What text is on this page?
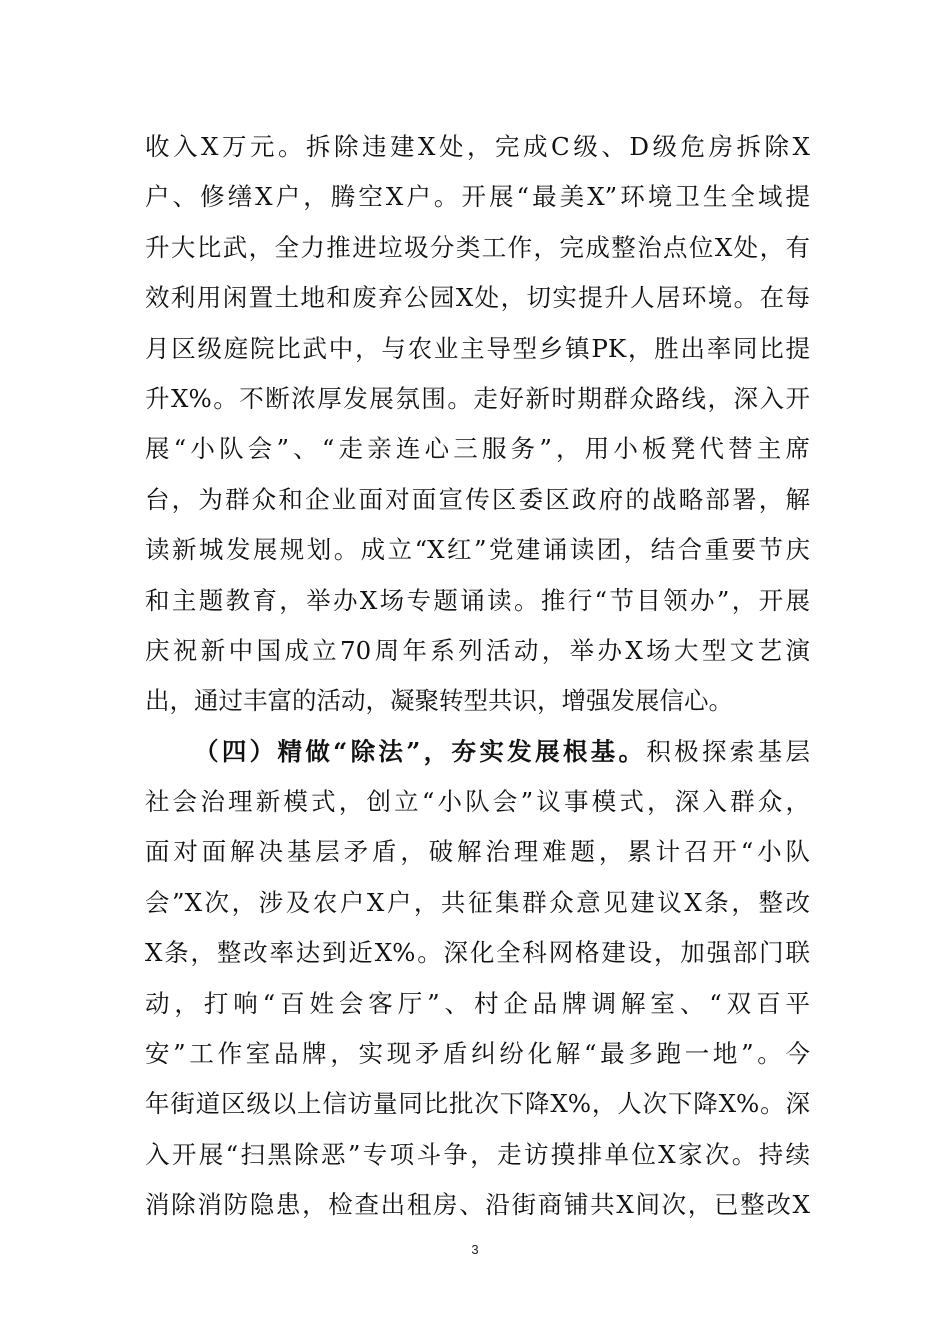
收入X万元。拆除违建X处，完成C级、D级危房拆除X
户、修缮X户，腾空X户。开展“最美X”环境卫生全域提
升大比武，全力推进垃圾分类工作，完成整治点位X处，有
效利用闲置土地和废弃公园X处，切实提升人居环境。在每
月区级庭院比武中，与农业主导型乡镇PK，胜出率同比提
升X%。不断浓厚发展氛围。走好新时期群众路线，深入开
展“小队会”、“走亲连心三服务”，用小板凳代替主席
台，为群众和企业面对面宣传区委区政府的战略部署，解
读新城发展规划。成立“X红”党建诵读团，结合重要节庆
和主题教育，举办X场专题诵读。推行“节目领办”，开展
庆祝新中国成立70周年系列活动，举办X场大型文艺演
出，通过丰富的活动，凝聚转型共识，增强发展信心。
（四）精做“除法”，夯实发展根基。积极探索基层
社会治理新模式，创立“小队会”议事模式，深入群众，
面对面解决基层矛盾，破解治理难题，累计召开“小队
会”X次，涉及农户X户，共征集群众意见建议X条，整改
X条，整改率达到近X%。深化全科网格建设，加强部门联
动，打响“百姓会客厅”、村企品牌调解室、“双百平
安”工作室品牌，实现矛盾纠纷化解“最多跑一地”。今
年街道区级以上信访量同比批次下降X%，人次下降X%。深
入开展“扫黑除恶”专项斗争，走访摸排单位X家次。持续
消除消防隐患，检查出租房、沿街商铺共X间次，已整改X
3
